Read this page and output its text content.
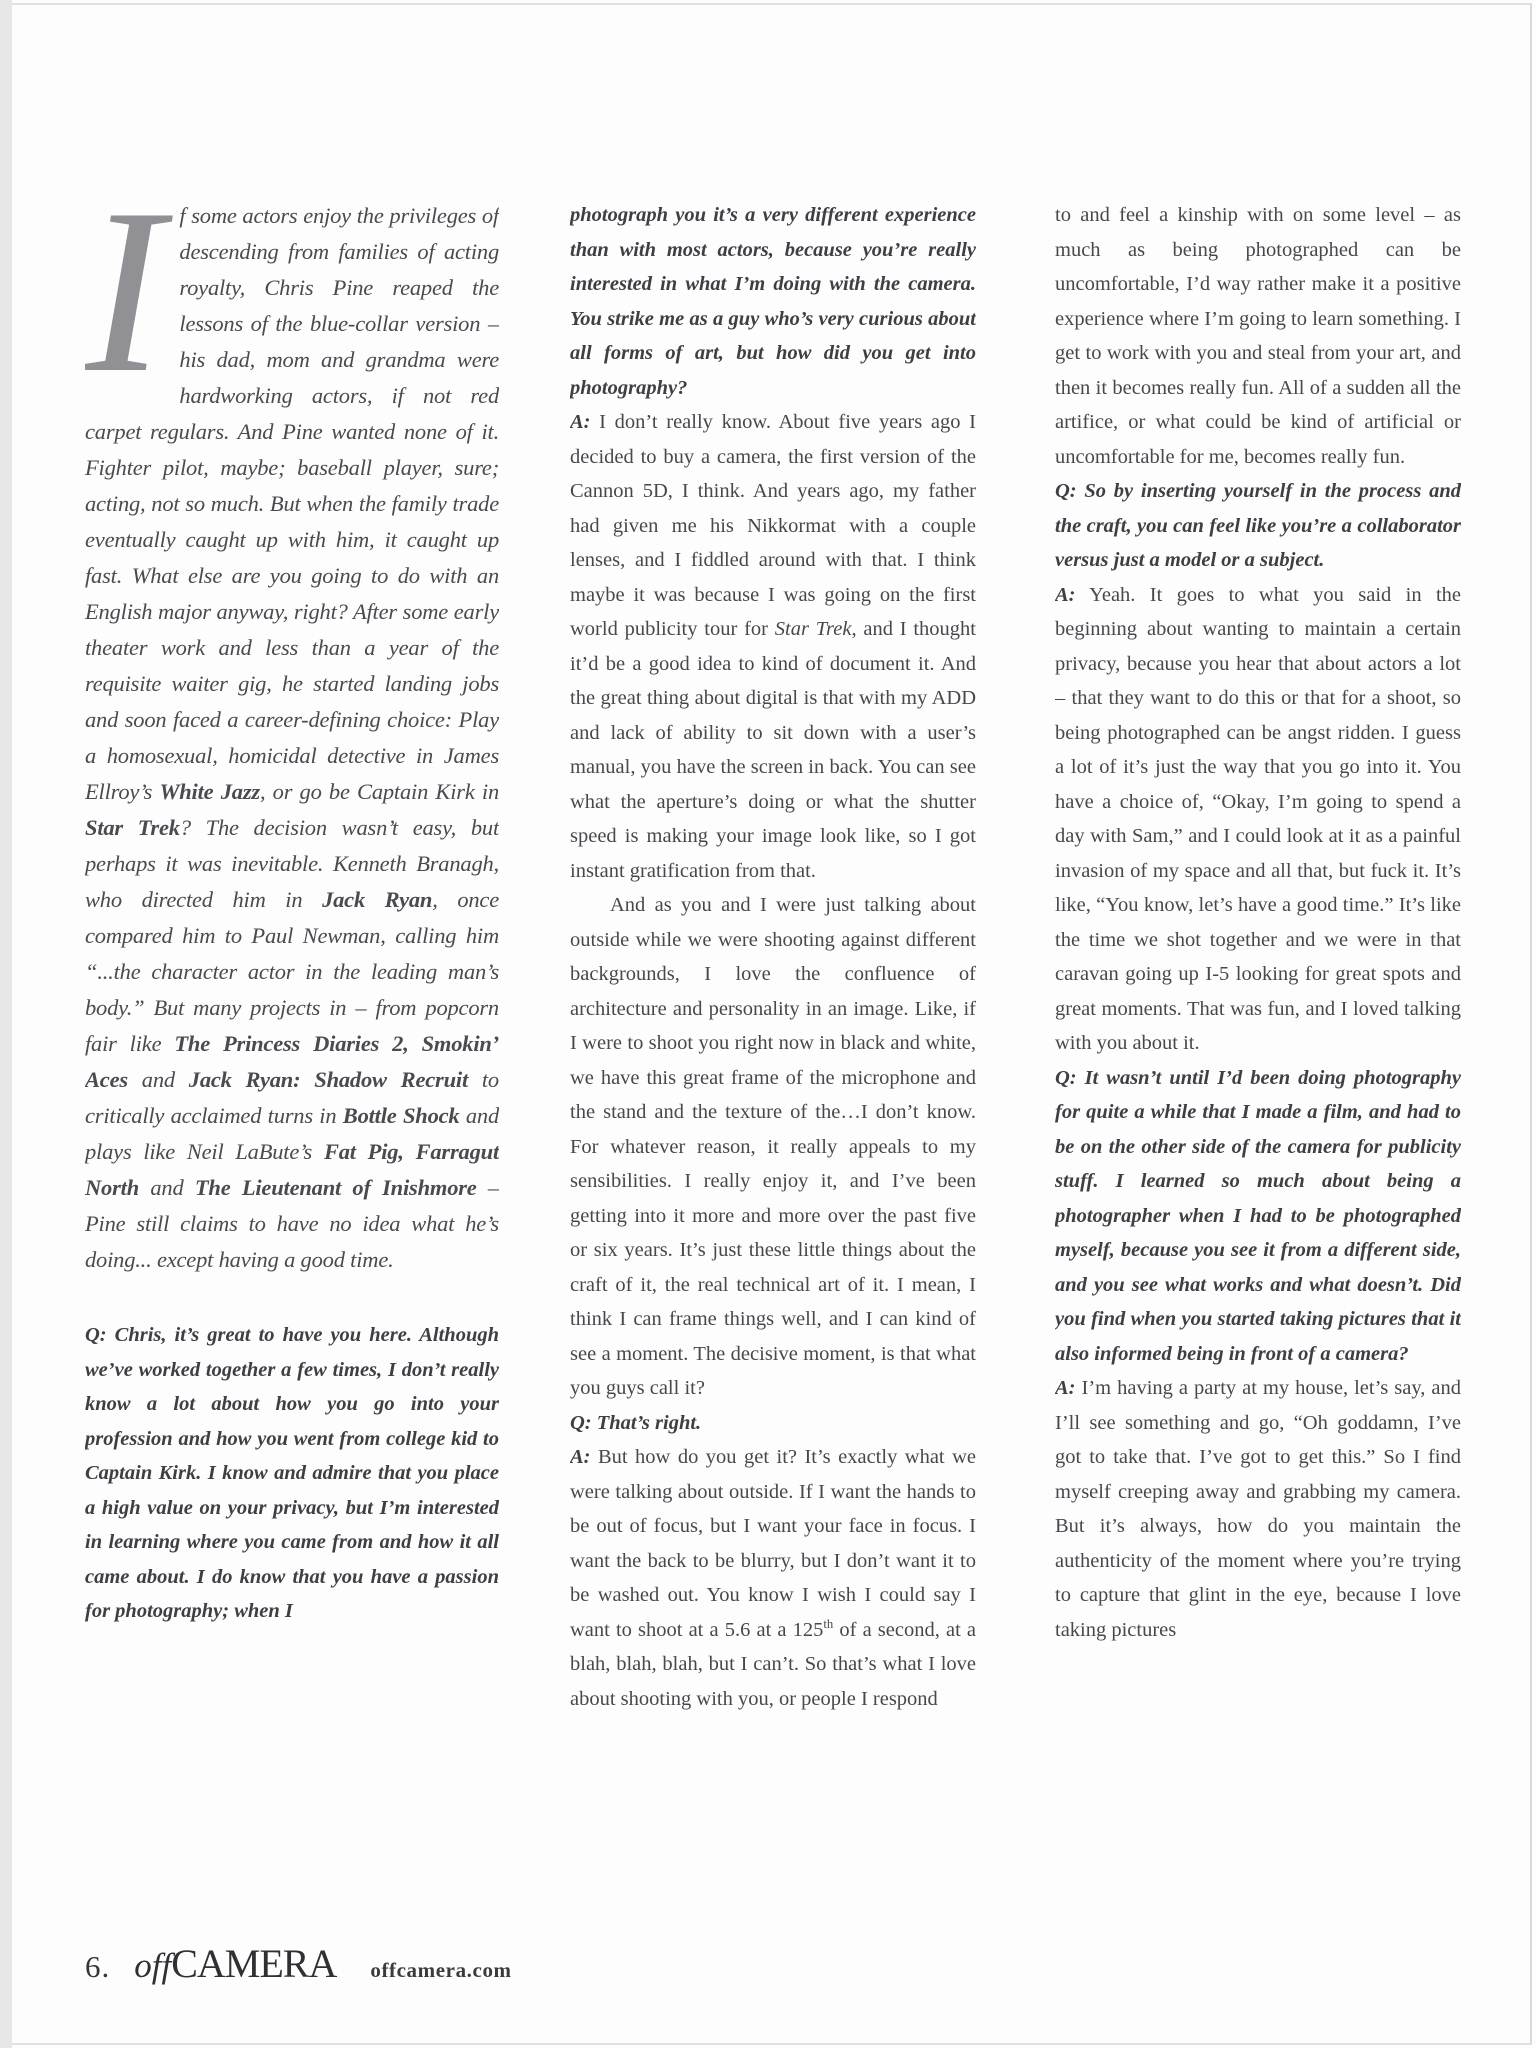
If some actors enjoy the privileges of descending from families of acting royalty, Chris Pine reaped the lessons of the blue-collar version – his dad, mom and grandma were hardworking actors, if not red carpet regulars. And Pine wanted none of it. Fighter pilot, maybe; baseball player, sure; acting, not so much. But when the family trade eventually caught up with him, it caught up fast. What else are you going to do with an English major anyway, right? After some early theater work and less than a year of the requisite waiter gig, he started landing jobs and soon faced a career-defining choice: Play a homosexual, homicidal detective in James Ellroy’s White Jazz, or go be Captain Kirk in Star Trek? The decision wasn’t easy, but perhaps it was inevitable. Kenneth Branagh, who directed him in Jack Ryan, once compared him to Paul Newman, calling him “...the character actor in the leading man’s body.” But many projects in – from popcorn fair like The Princess Diaries 2, Smokin’ Aces and Jack Ryan: Shadow Recruit to critically acclaimed turns in Bottle Shock and plays like Neil LaBute’s Fat Pig, Farragut North and The Lieutenant of Inishmore – Pine still claims to have no idea what he’s doing... except having a good time.

Q: Chris, it’s great to have you here. Although we’ve worked together a few times, I don’t really know a lot about how you go into your profession and how you went from college kid to Captain Kirk. I know and admire that you place a high value on your privacy, but I’m interested in learning where you came from and how it all came about. I do know that you have a passion for photography; when I

photograph you it’s a very different experience than with most actors, because you’re really interested in what I’m doing with the camera. You strike me as a guy who’s very curious about all forms of art, but how did you get into photography?

A: I don’t really know. About five years ago I decided to buy a camera, the first version of the Cannon 5D, I think. And years ago, my father had given me his Nikkormat with a couple lenses, and I fiddled around with that. I think maybe it was because I was going on the first world publicity tour for Star Trek, and I thought it’d be a good idea to kind of document it. And the great thing about digital is that with my ADD and lack of ability to sit down with a user’s manual, you have the screen in back. You can see what the aperture’s doing or what the shutter speed is making your image look like, so I got instant gratification from that.

And as you and I were just talking about outside while we were shooting against different backgrounds, I love the confluence of architecture and personality in an image. Like, if I were to shoot you right now in black and white, we have this great frame of the microphone and the stand and the texture of the…I don’t know. For whatever reason, it really appeals to my sensibilities. I really enjoy it, and I’ve been getting into it more and more over the past five or six years. It’s just these little things about the craft of it, the real technical art of it. I mean, I think I can frame things well, and I can kind of see a moment. The decisive moment, is that what you guys call it?

Q: That’s right.

A: But how do you get it? It’s exactly what we were talking about outside. If I want the hands to be out of focus, but I want your face in focus. I want the back to be blurry, but I don’t want it to be washed out. You know I wish I could say I want to shoot at a 5.6 at a 125th of a second, at a blah, blah, blah, but I can’t. So that’s what I love about shooting with you, or people I respond

to and feel a kinship with on some level – as much as being photographed can be uncomfortable, I’d way rather make it a positive experience where I’m going to learn something. I get to work with you and steal from your art, and then it becomes really fun. All of a sudden all the artifice, or what could be kind of artificial or uncomfortable for me, becomes really fun.

Q: So by inserting yourself in the process and the craft, you can feel like you’re a collaborator versus just a model or a subject.

A: Yeah. It goes to what you said in the beginning about wanting to maintain a certain privacy, because you hear that about actors a lot – that they want to do this or that for a shoot, so being photographed can be angst ridden. I guess a lot of it’s just the way that you go into it. You have a choice of, “Okay, I’m going to spend a day with Sam,” and I could look at it as a painful invasion of my space and all that, but fuck it. It’s like, “You know, let’s have a good time.” It’s like the time we shot together and we were in that caravan going up I-5 looking for great spots and great moments. That was fun, and I loved talking with you about it.

Q: It wasn’t until I’d been doing photography for quite a while that I made a film, and had to be on the other side of the camera for publicity stuff. I learned so much about being a photographer when I had to be photographed myself, because you see it from a different side, and you see what works and what doesn’t. Did you find when you started taking pictures that it also informed being in front of a camera?

A: I’m having a party at my house, let’s say, and I’ll see something and go, “Oh goddamn, I’ve got to take that. I’ve got to get this.” So I find myself creeping away and grabbing my camera. But it’s always, how do you maintain the authenticity of the moment where you’re trying to capture that glint in the eye, because I love taking pictures

6. offCAMERA offcamera.com
